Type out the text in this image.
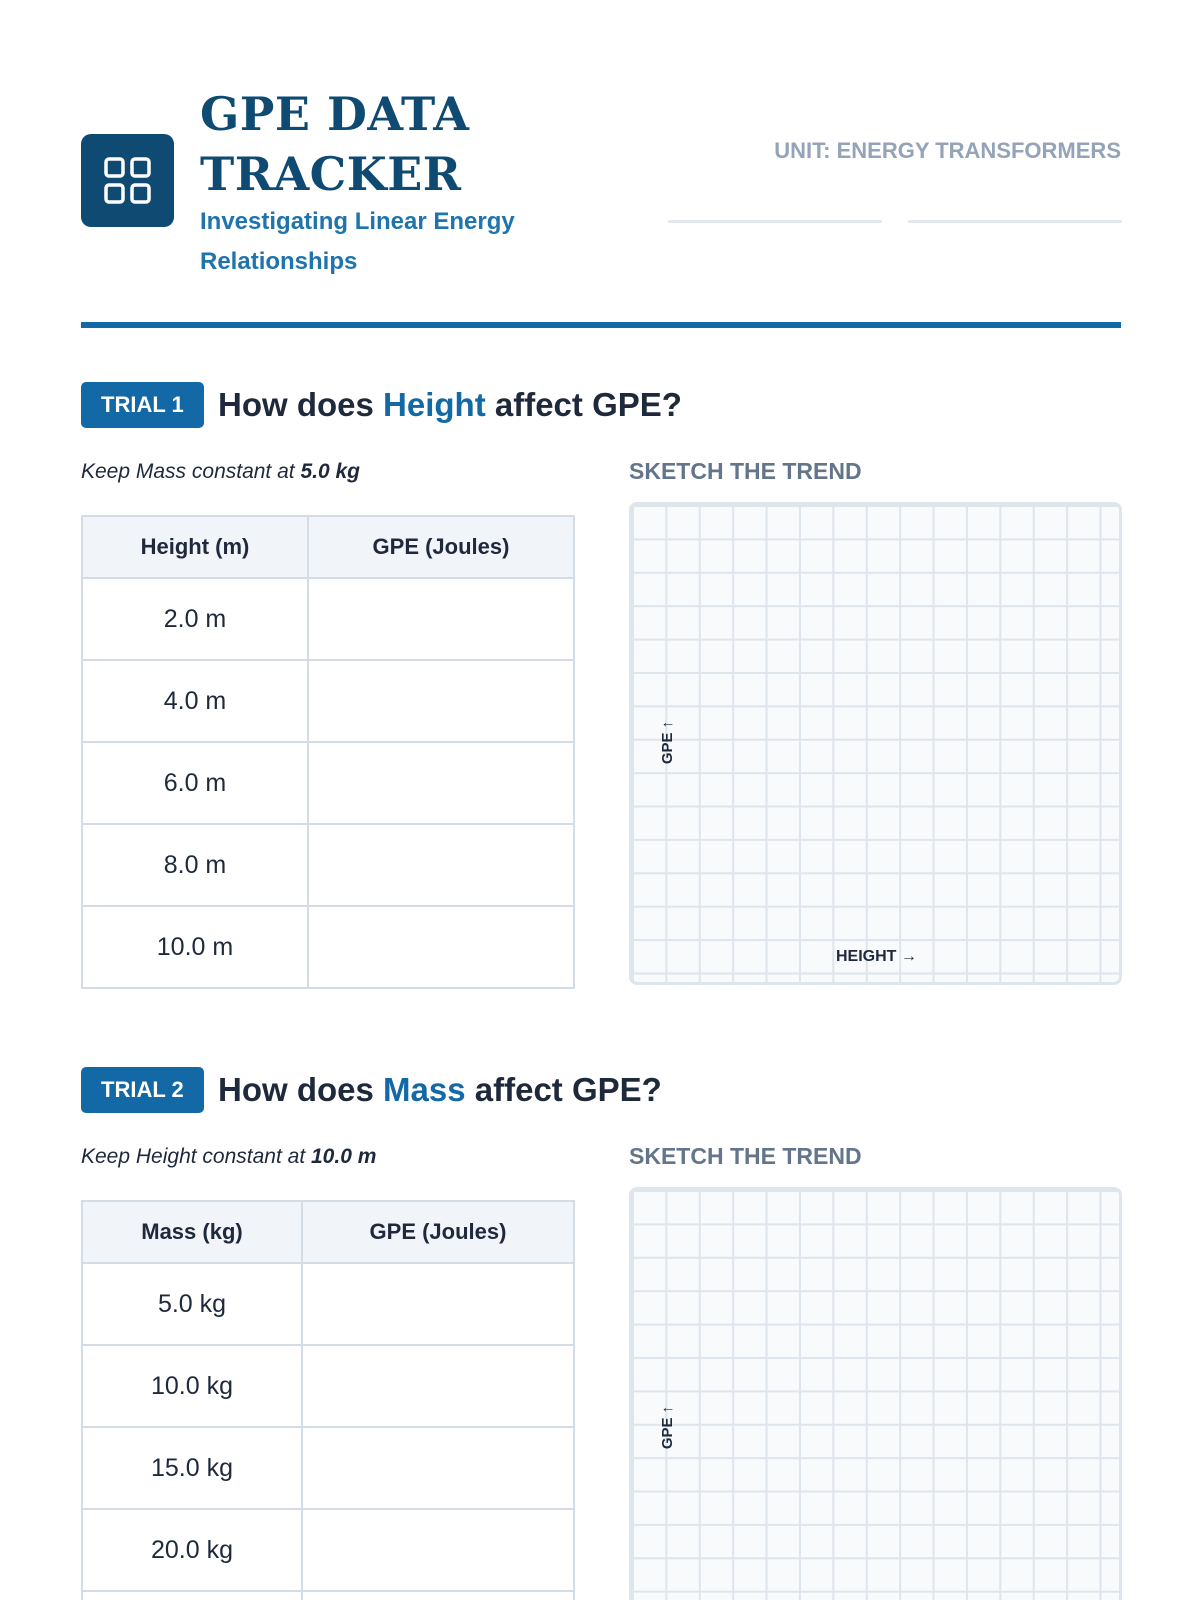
GPE DATA TRACKER
Investigating Linear Energy Relationships
UNIT: ENERGY TRANSFORMERS
TRIAL 1	How does Height affect GPE?
Keep Mass constant at 5.0 kg	SKETCH THE TREND
Height (m)	GPE (Joules)
2.0 m	
4.0 m	
6.0 m	
8.0 m	
10.0 m	
GPE ↑
HEIGHT →
TRIAL 2	How does Mass affect GPE?
Keep Height constant at 10.0 m	SKETCH THE TREND
Mass (kg)	GPE (Joules)
5.0 kg	
10.0 kg	
15.0 kg	
20.0 kg	

GPE ↑
